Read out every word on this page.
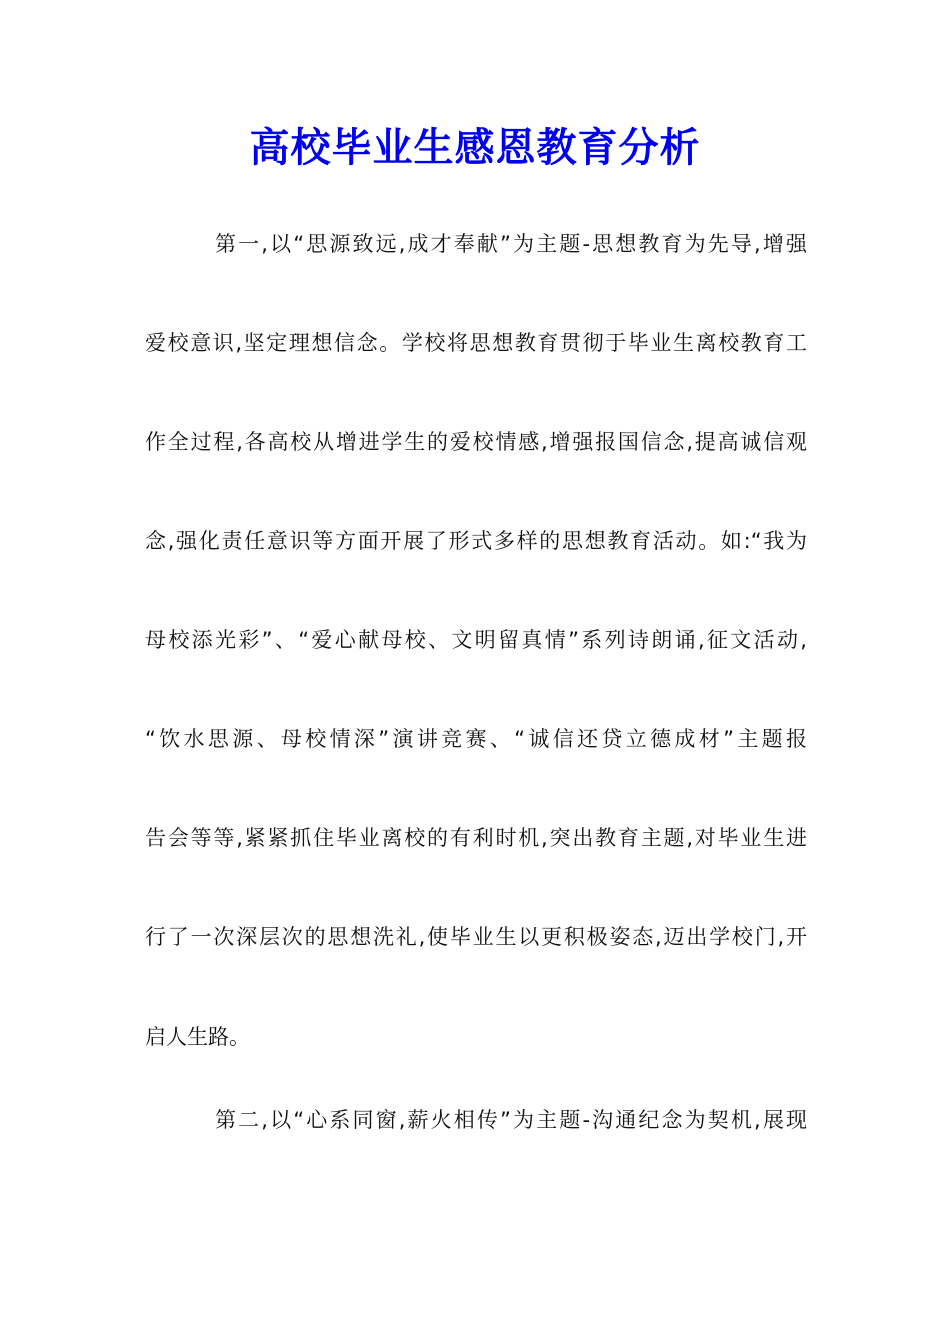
高校毕业生感恩教育分析
第一,以“思源致远,成才奉献”为主题-思想教育为先导,增强
爱校意识,坚定理想信念。学校将思想教育贯彻于毕业生离校教育工
作全过程,各高校从增进学生的爱校情感,增强报国信念,提高诚信观
念,强化责任意识等方面开展了形式多样的思想教育活动。如:“我为
母校添光彩”、“爱心献母校、文明留真情”系列诗朗诵,征文活动,
“饮水思源、母校情深”演讲竞赛、“诚信还贷立德成材”主题报
告会等等,紧紧抓住毕业离校的有利时机,突出教育主题,对毕业生进
行了一次深层次的思想洗礼,使毕业生以更积极姿态,迈出学校门,开
启人生路。
第二,以“心系同窗,薪火相传”为主题-沟通纪念为契机,展现
